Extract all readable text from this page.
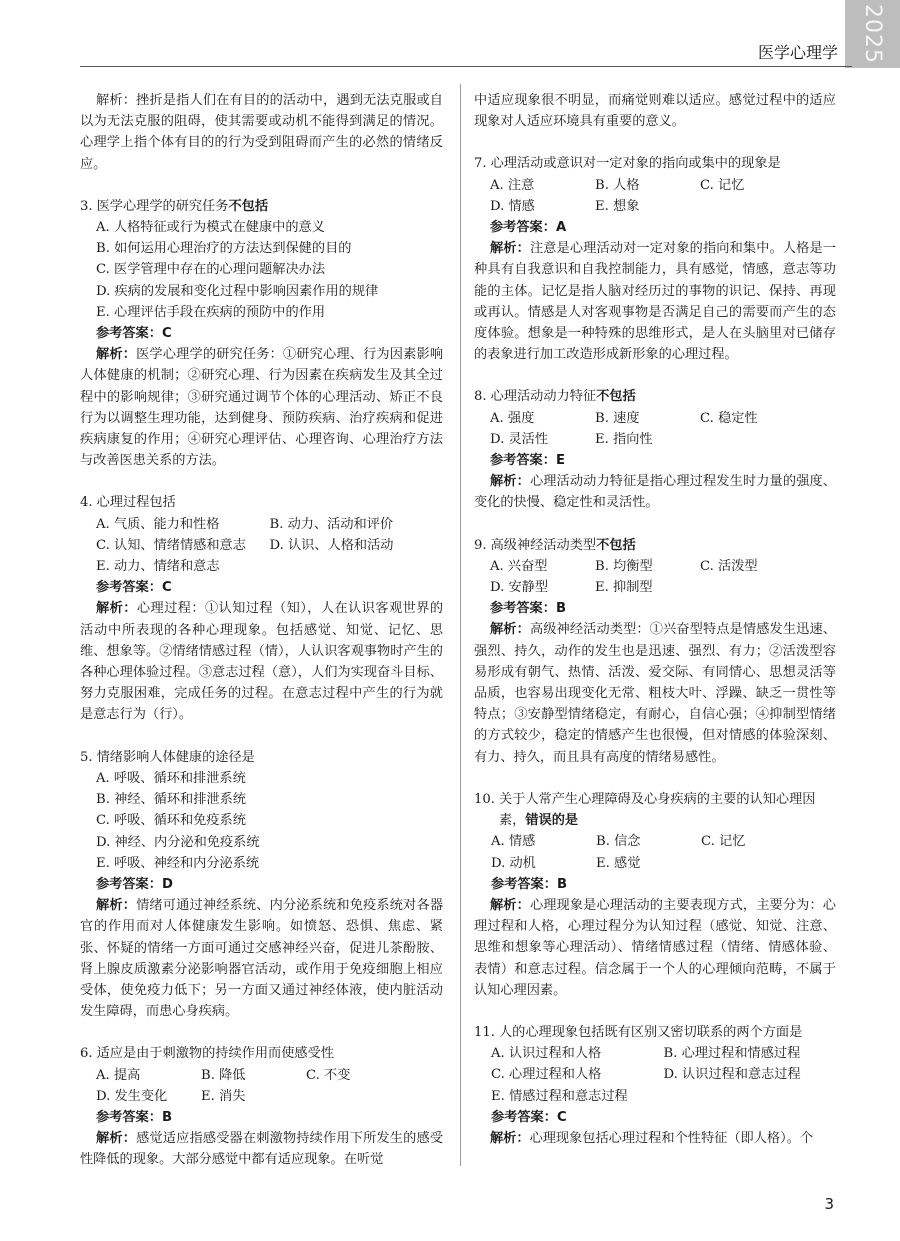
2025
医学心理学

解析：挫折是指人们在有目的的活动中，遇到无法克服或自以为无法克服的阻碍，使其需要或动机不能得到满足的情况。心理学上指个体有目的的行为受到阻碍而产生的必然的情绪反应。

3. 医学心理学的研究任务不包括

A. 人格特征或行为模式在健康中的意义
B. 如何运用心理治疗的方法达到保健的目的
C. 医学管理中存在的心理问题解决办法
D. 疾病的发展和变化过程中影响因素作用的规律
E. 心理评估手段在疾病的预防中的作用
参考答案：C

解析 ： 医学心理学的研究任务：①研究心理、行为因素影响人体健康的机制；②研究心理、行为因素在疾病发生及其全过程中的影响规律；③研究通过调节个体的心理活动、矫正不良行为以调整生理功能，达到健身、预防疾病、治疗疾病和促进疾病康复的作用；④研究心理评估、心理咨询、心理治疗方法与改善医患关系的方法。

4. 心理过程包括

A. 气质、能力和性格	B. 动力、活动和评价
C. 认知、情绪情感和意志	D. 认识、人格和活动
E. 动力、情绪和意志
参考答案：C

解析 ： 心理过程：①认知过程（知），人在认识客观世界的活动中所表现的各种心理现象。包括感觉、知觉、记忆、思维、想象等。②情绪情感过程（情），人认识客观事物时产生的各种心理体验过程。③意志过程（意），人们为实现奋斗目标、努力克服困难，完成任务的过程。在意志过程中产生的行为就是意志行为（行）。

5. 情绪影响人体健康的途径是

A. 呼吸、循环和排泄系统
B. 神经、循环和排泄系统
C. 呼吸、循环和免疫系统
D. 神经、内分泌和免疫系统
E. 呼吸、神经和内分泌系统
参考答案：D

解析 ： 情绪可通过神经系统、内分泌系统和免疫系统对各器官的作用而对人体健康发生影响。如愤怒、恐惧、焦虑、紧张、怀疑的情绪一方面可通过交感神经兴奋，促进儿茶酚胺、肾上腺皮质激素分泌影响器官活动，或作用于免疫细胞上相应受体，使免疫力低下；另一方面又通过神经体液，使内脏活动发生障碍，而患心身疾病。

6. 适应是由于刺激物的持续作用而使感受性

A. 提高	B. 降低	C. 不变
D. 发生变化	E. 消失
参考答案：B

解析 ： 感觉适应指感受器在刺激物持续作用下所发生的感受性降低的现象。大部分感觉中都有适应现象。在听觉

中适应现象很不明显，而痛觉则难以适应。感觉过程中的适应现象对人适应环境具有重要的意义。

7. 心理活动或意识对一定对象的指向或集中的现象是

A. 注意	B. 人格	C. 记忆
D. 情感	E. 想象
参考答案：A

解析 ： 注意是心理活动对一定对象的指向和集中。人格是一种具有自我意识和自我控制能力，具有感觉，情感，意志等功能的主体。记忆是指人脑对经历过的事物的识记、保持、再现或再认。情感是人对客观事物是否满足自己的需要而产生的态度体验。想象是一种特殊的思维形式，是人在头脑里对已储存的表象进行加工改造形成新形象的心理过程。

8. 心理活动动力特征不包括

A. 强度	B. 速度	C. 稳定性
D. 灵活性	E. 指向性
参考答案：E

解析 ： 心理活动动力特征是指心理过程发生时力量的强度、变化的快慢、稳定性和灵活性。

9. 高级神经活动类型不包括

A. 兴奋型	B. 均衡型	C. 活泼型
D. 安静型	E. 抑制型
参考答案：B

解析 ： 高级神经活动类型：①兴奋型特点是情感发生迅速、强烈、持久，动作的发生也是迅速、强烈、有力；②活泼型容易形成有朝气、热情、活泼、爱交际、有同情心、思想灵活等品质，也容易出现变化无常、粗枝大叶、浮躁、缺乏一贯性等特点；③安静型情绪稳定，有耐心，自信心强；④抑制型情绪的方式较少，稳定的情感产生也很慢，但对情感的体验深刻、有力、持久，而且具有高度的情绪易感性。

10. 关于人常产生心理障碍及心身疾病的主要的认知心理因素，错误的是

A. 情感	B. 信念	C. 记忆
D. 动机	E. 感觉
参考答案：B

解析 ： 心理现象是心理活动的主要表现方式，主要分为：心理过程和人格，心理过程分为认知过程（感觉、知觉、注意、思维和想象等心理活动）、情绪情感过程（情绪、情感体验、表情）和意志过程。信念属于一个人的心理倾向范畴，不属于认知心理因素。

11. 人的心理现象包括既有区别又密切联系的两个方面是

A. 认识过程和人格	B. 心理过程和情感过程
C. 心理过程和人格	D. 认识过程和意志过程
E. 情感过程和意志过程
参考答案：C

解析 ： 心理现象包括心理过程和个性特征（即人格）。个

3
